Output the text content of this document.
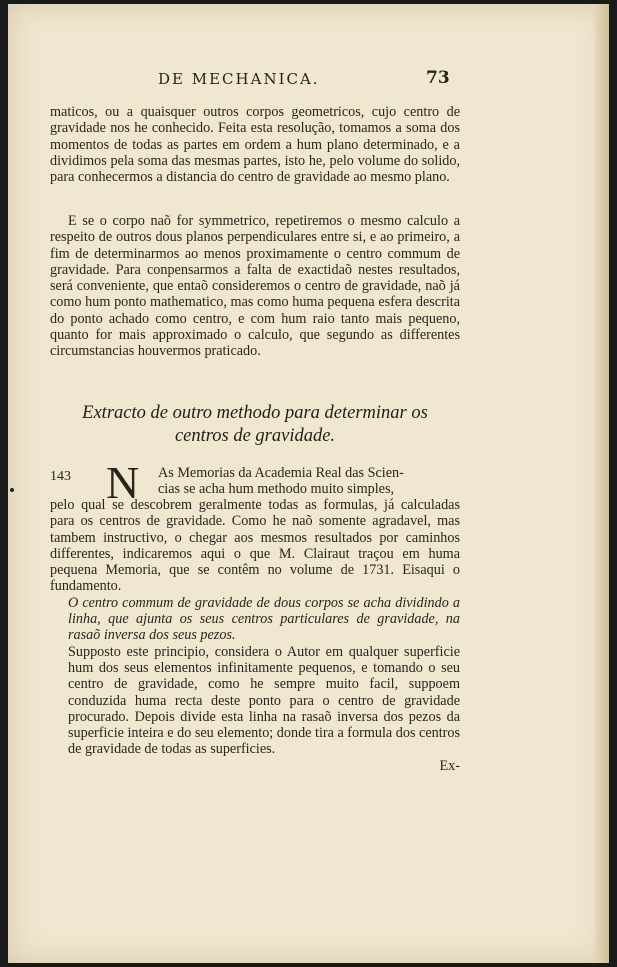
DE MECHANICA.	73
maticos, ou a quaisquer outros corpos geometricos, cujo centro de gravidade nos he conhecido. Feita esta resolução, tomamos a soma dos momentos de todas as partes em ordem a hum plano determinado, e a dividimos pela soma das mesmas partes, isto he, pelo volume do solido, para conhecermos a distancia do centro de gravidade ao mesmo plano.
E se o corpo naõ for symmetrico, repetiremos o mesmo calculo a respeito de outros dous planos perpendiculares entre si, e ao primeiro, a fim de determinarmos ao menos proximamente o centro commum de gravidade. Para conpensarmos a falta de exactidaõ nestes resultados, será conveniente, que entaõ consideremos o centro de gravidade, naõ já como hum ponto mathematico, mas como huma pequena esfera descrita do ponto achado como centro, e com hum raio tanto mais pequeno, quanto for mais approximado o calculo, que segundo as differentes circumstancias houvermos praticado.
Extracto de outro methodo para determinar os
centros de gravidade.
143 N	As Memorias da Academia Real das Scien-
cias se acha hum methodo muito simples,
pelo qual se descobrem geralmente todas as formulas, já calculadas para os centros de gravidade. Como he naõ somente agradavel, mas tambem instructivo, o chegar aos mesmos resultados por caminhos differentes, indicaremos aqui o que M. Clairaut traçou em huma pequena Memoria, que se contêm no volume de 1731. Eisaqui o fundamento.
O centro commum de gravidade de dous corpos se acha dividindo a linha, que ajunta os seus centros particulares de gravidade, na rasaõ inversa dos seus pezos.
Supposto este principio, considera o Autor em qualquer superficie hum dos seus elementos infinitamente pequenos, e tomando o seu centro de gravidade, como he sempre muito facil, suppoem conduzida huma recta deste ponto para o centro de gravidade procurado. Depois divide esta linha na rasaõ inversa dos pezos da superficie inteira e do seu elemento; donde tira a formula dos centros de gravidade de todas as superficies.
Ex-
